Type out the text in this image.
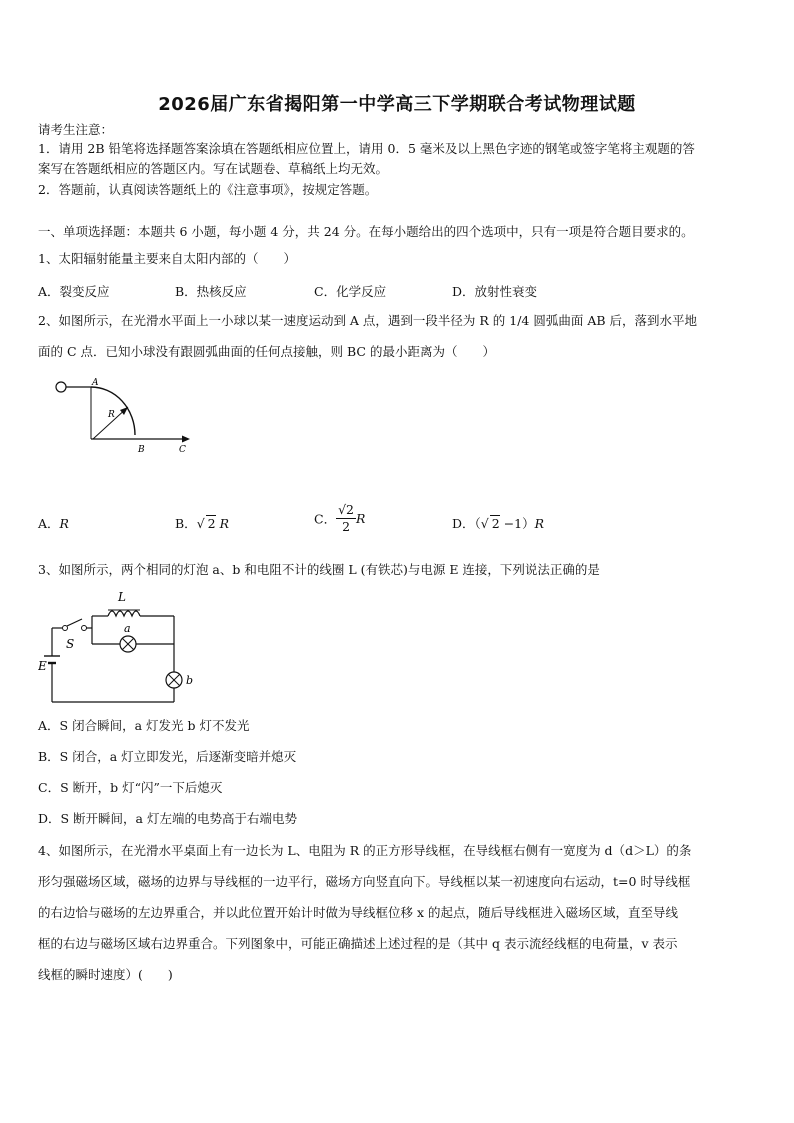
2026届广东省揭阳第一中学高三下学期联合考试物理试题
请考生注意：
1．请用 2B 铅笔将选择题答案涂填在答题纸相应位置上，请用 0．5 毫米及以上黑色字迹的钢笔或签字笔将主观题的答
案写在答题纸相应的答题区内。写在试题卷、草稿纸上均无效。
2．答题前，认真阅读答题纸上的《注意事项》，按规定答题。
一、单项选择题：本题共 6 小题，每小题 4 分，共 24 分。在每小题给出的四个选项中，只有一项是符合题目要求的。
1、太阳辐射能量主要来自太阳内部的（　　）
A．裂变反应	B．热核反应	C．化学反应	D．放射性衰变
2、如图所示，在光滑水平面上一小球以某一速度运动到 A 点，遇到一段半径为 R 的 1/4 圆弧曲面 AB 后，落到水平地
面的 C 点．已知小球没有跟圆弧曲面的任何点接触，则 BC 的最小距离为（　　）
A
R
B	C
A．R	B．√ 2 R	C． $\frac{√2}{2}$ R	D．（√ 2 −1）R
3、如图所示，两个相同的灯泡 a、b 和电阻不计的线圈 L (有铁芯)与电源 E 连接，下列说法正确的是
L
a
S
E
b
A．S 闭合瞬间，a 灯发光 b 灯不发光
B．S 闭合，a 灯立即发光，后逐渐变暗并熄灭
C．S 断开，b 灯“闪”一下后熄灭
D．S 断开瞬间，a 灯左端的电势高于右端电势
4、如图所示，在光滑水平桌面上有一边长为 L、电阻为 R 的正方形导线框，在导线框右侧有一宽度为 d（d＞L）的条
形匀强磁场区域，磁场的边界与导线框的一边平行，磁场方向竖直向下。导线框以某一初速度向右运动，t=0 时导线框
的右边恰与磁场的左边界重合，并以此位置开始计时做为导线框位移 x 的起点，随后导线框进入磁场区域，直至导线
框的右边与磁场区域右边界重合。下列图象中，可能正确描述上述过程的是（其中 q 表示流经线框的电荷量，v 表示
线框的瞬时速度）(　　)
